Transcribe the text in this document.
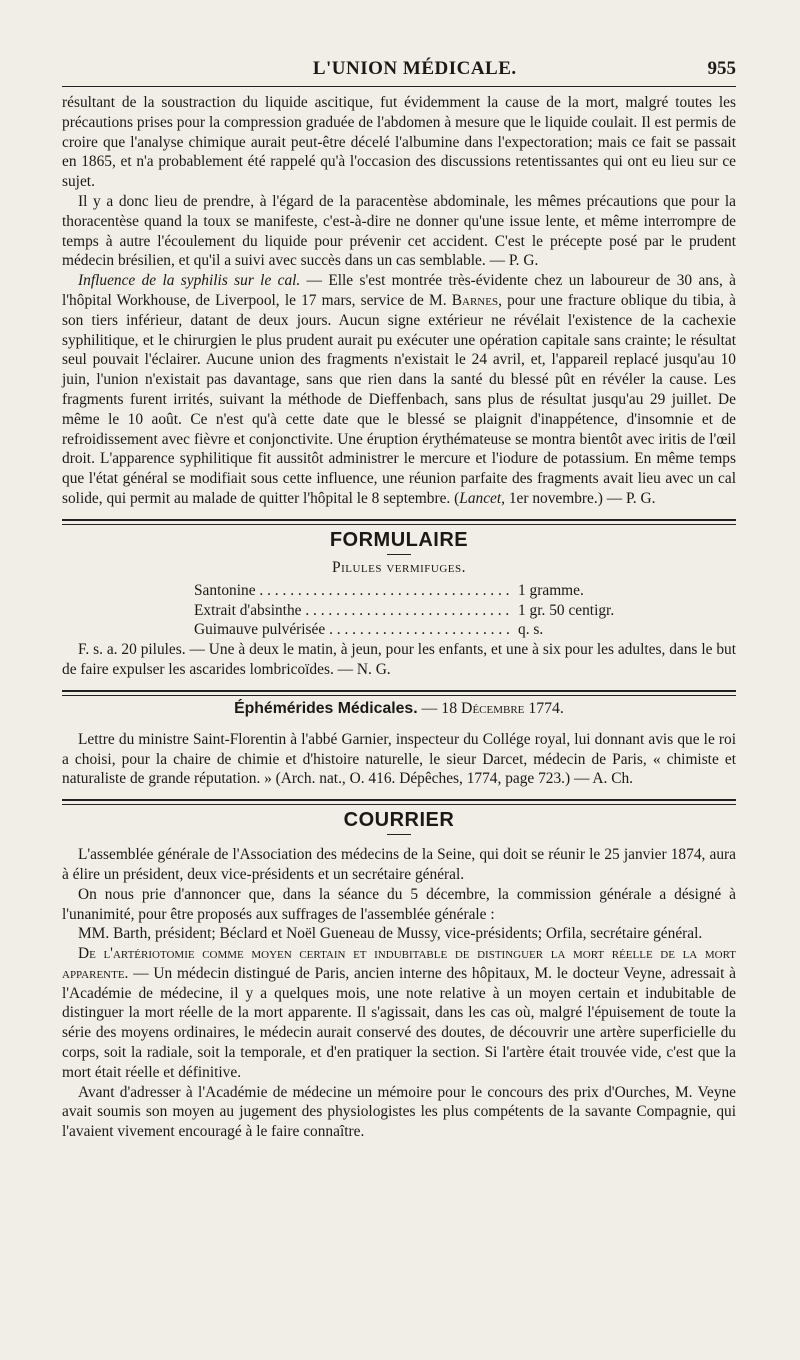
L'UNION MÉDICALE.	955

résultant de la soustraction du liquide ascitique, fut évidemment la cause de la mort, malgré toutes les précautions prises pour la compression graduée de l'abdomen à mesure que le liquide coulait. Il est permis de croire que l'analyse chimique aurait peut-être décelé l'albumine dans l'expectoration; mais ce fait se passait en 1865, et n'a probablement été rappelé qu'à l'occasion des discussions retentissantes qui ont eu lieu sur ce sujet.

Il y a donc lieu de prendre, à l'égard de la paracentèse abdominale, les mêmes précautions que pour la thoracentèse quand la toux se manifeste, c'est-à-dire ne donner qu'une issue lente, et même interrompre de temps à autre l'écoulement du liquide pour prévenir cet accident. C'est le précepte posé par le prudent médecin brésilien, et qu'il a suivi avec succès dans un cas semblable. — P. G.

Influence de la syphilis sur le cal. — Elle s'est montrée très-évidente chez un laboureur de 30 ans, à l'hôpital Workhouse, de Liverpool, le 17 mars, service de M. Barnes, pour une fracture oblique du tibia, à son tiers inférieur, datant de deux jours. Aucun signe extérieur ne révélait l'existence de la cachexie syphilitique, et le chirurgien le plus prudent aurait pu exécuter une opération capitale sans crainte; le résultat seul pouvait l'éclairer. Aucune union des fragments n'existait le 24 avril, et, l'appareil replacé jusqu'au 10 juin, l'union n'existait pas davantage, sans que rien dans la santé du blessé pût en révéler la cause. Les fragments furent irrités, suivant la méthode de Dieffenbach, sans plus de résultat jusqu'au 29 juillet. De même le 10 août. Ce n'est qu'à cette date que le blessé se plaignit d'inappétence, d'insomnie et de refroidissement avec fièvre et conjonctivite. Une éruption érythémateuse se montra bientôt avec iritis de l'œil droit. L'apparence syphilitique fit aussitôt administrer le mercure et l'iodure de potassium. En même temps que l'état général se modifiait sous cette influence, une réunion parfaite des fragments avait lieu avec un cal solide, qui permit au malade de quitter l'hôpital le 8 septembre. (Lancet, 1er novembre.) — P. G.

FORMULAIRE
Pilules vermifuges.
Santonine . . .	1 gramme.
Extrait d'absinthe . . .	1 gr. 50 centigr.
Guimauve pulvérisée . . .	q. s.

F. s. a. 20 pilules. — Une à deux le matin, à jeun, pour les enfants, et une à six pour les adultes, dans le but de faire expulser les ascarides lombricoïdes. — N. G.

Éphémérides Médicales. — 18 Décembre 1774.

Lettre du ministre Saint-Florentin à l'abbé Garnier, inspecteur du Collége royal, lui donnant avis que le roi a choisi, pour la chaire de chimie et d'histoire naturelle, le sieur Darcet, médecin de Paris, « chimiste et naturaliste de grande réputation. » (Arch. nat., O. 416. Dépêches, 1774, page 723.) — A. Ch.

COURRIER

L'assemblée générale de l'Association des médecins de la Seine, qui doit se réunir le 25 janvier 1874, aura à élire un président, deux vice-présidents et un secrétaire général.

On nous prie d'annoncer que, dans la séance du 5 décembre, la commission générale a désigné à l'unanimité, pour être proposés aux suffrages de l'assemblée générale :

MM. Barth, président; Béclard et Noël Gueneau de Mussy, vice-présidents; Orfila, secrétaire général.

De l'artériotomie comme moyen certain et indubitable de distinguer la mort réelle de la mort apparente. — Un médecin distingué de Paris, ancien interne des hôpitaux, M. le docteur Veyne, adressait à l'Académie de médecine, il y a quelques mois, une note relative à un moyen certain et indubitable de distinguer la mort réelle de la mort apparente. Il s'agissait, dans les cas où, malgré l'épuisement de toute la série des moyens ordinaires, le médecin aurait conservé des doutes, de découvrir une artère superficielle du corps, soit la radiale, soit la temporale, et d'en pratiquer la section. Si l'artère était trouvée vide, c'est que la mort était réelle et définitive.

Avant d'adresser à l'Académie de médecine un mémoire pour le concours des prix d'Ourches, M. Veyne avait soumis son moyen au jugement des physiologistes les plus compétents de la savante Compagnie, qui l'avaient vivement encouragé à le faire connaître.
